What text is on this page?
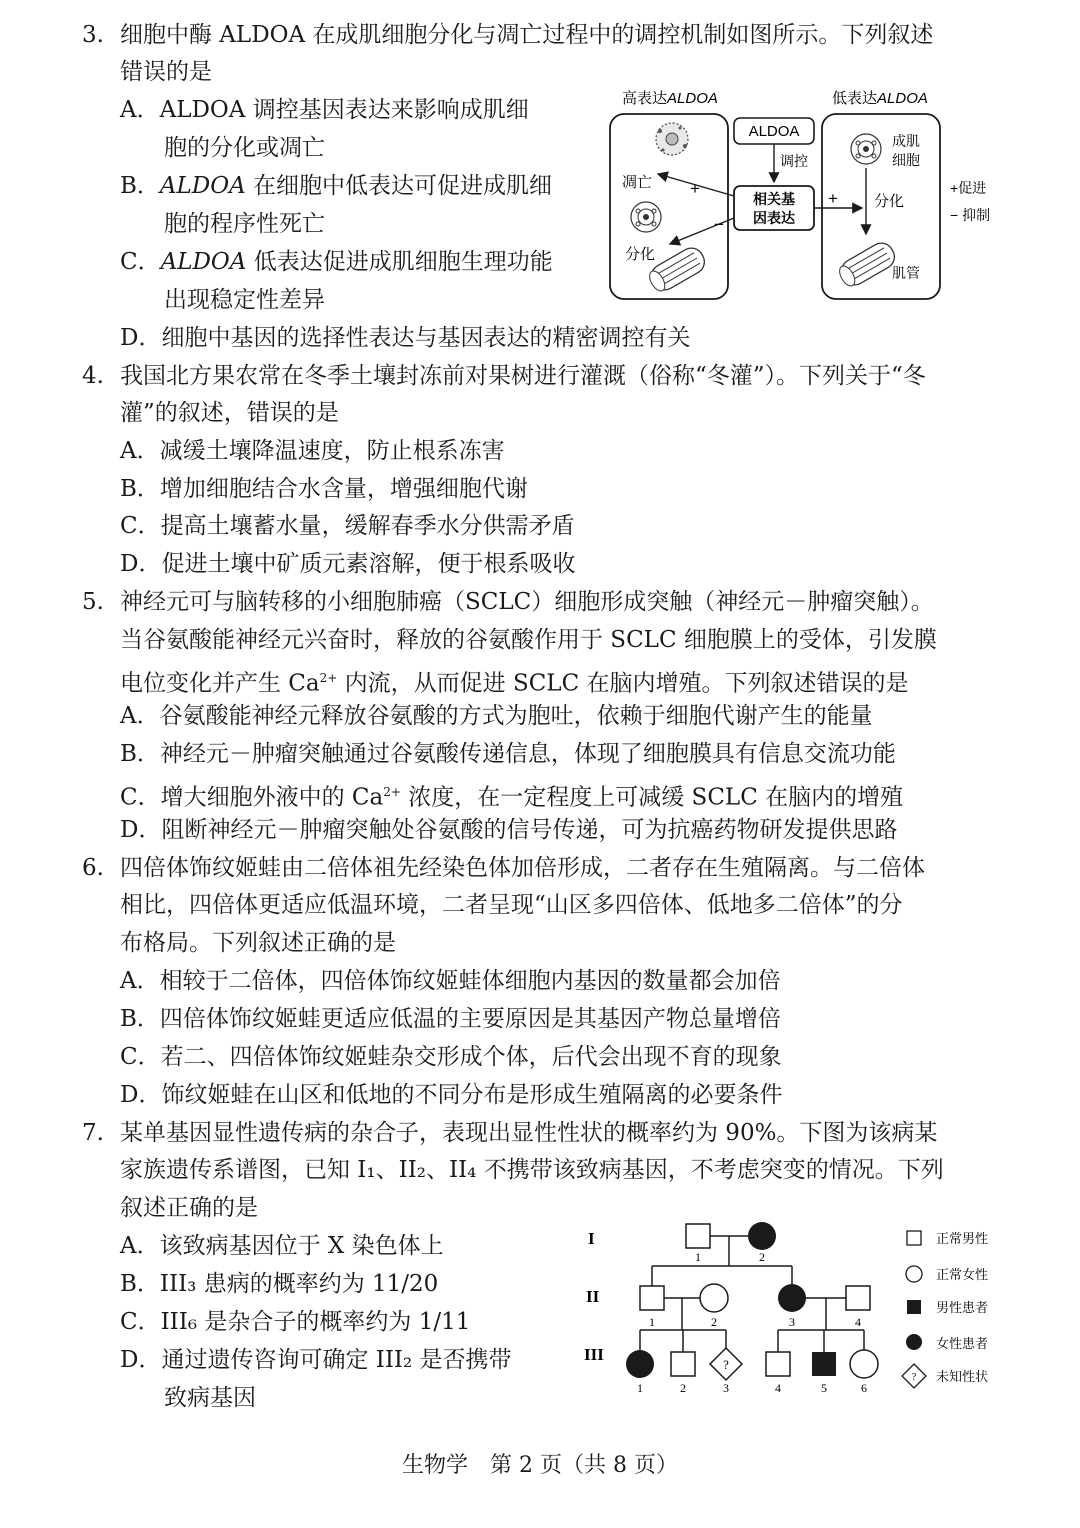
3. 细胞中酶 ALDOA 在成肌细胞分化与凋亡过程中的调控机制如图所示。下列叙述
错误的是
A．ALDOA 调控基因表达来影响成肌细
胞的分化或凋亡
B．ALDOA 在细胞中低表达可促进成肌细
胞的程序性死亡
C．ALDOA 低表达促进成肌细胞生理功能
出现稳定性差异
D．细胞中基因的选择性表达与基因表达的精密调控有关
高表达ALDOA	低表达ALDOA
凋亡
分化
ALDOA
调控
相关基
因表达
+
−
+
成肌
细胞
分化
肌管
+促进
− 抑制
4. 我国北方果农常在冬季土壤封冻前对果树进行灌溉（俗称“冬灌”）。下列关于“冬
灌”的叙述，错误的是
A．减缓土壤降温速度，防止根系冻害
B．增加细胞结合水含量，增强细胞代谢
C．提高土壤蓄水量，缓解春季水分供需矛盾
D．促进土壤中矿质元素溶解，便于根系吸收
5. 神经元可与脑转移的小细胞肺癌（SCLC）细胞形成突触（神经元－肿瘤突触）。
当谷氨酸能神经元兴奋时，释放的谷氨酸作用于 SCLC 细胞膜上的受体，引发膜
电位变化并产生 $Ca^{2+}$ 内流，从而促进 SCLC 在脑内增殖。下列叙述错误的是
A．谷氨酸能神经元释放谷氨酸的方式为胞吐，依赖于细胞代谢产生的能量
B．神经元－肿瘤突触通过谷氨酸传递信息，体现了细胞膜具有信息交流功能
C．增大细胞外液中的 $Ca^{2+}$ 浓度，在一定程度上可减缓 SCLC 在脑内的增殖
D．阻断神经元－肿瘤突触处谷氨酸的信号传递，可为抗癌药物研发提供思路
6. 四倍体饰纹姬蛙由二倍体祖先经染色体加倍形成，二者存在生殖隔离。与二倍体
相比，四倍体更适应低温环境，二者呈现“山区多四倍体、低地多二倍体”的分
布格局。下列叙述正确的是
A．相较于二倍体，四倍体饰纹姬蛙体细胞内基因的数量都会加倍
B．四倍体饰纹姬蛙更适应低温的主要原因是其基因产物总量增倍
C．若二、四倍体饰纹姬蛙杂交形成个体，后代会出现不育的现象
D．饰纹姬蛙在山区和低地的不同分布是形成生殖隔离的必要条件
7. 某单基因显性遗传病的杂合子，表现出显性性状的概率约为 90%。下图为该病某
家族遗传系谱图，已知 I₁、II₂、II₄ 不携带该致病基因，不考虑突变的情况。下列
叙述正确的是
A．该致病基因位于 X 染色体上
B．III₃ 患病的概率约为 11/20
C．III₆ 是杂合子的概率约为 1/11
D．通过遗传咨询可确定 III₂ 是否携带
致病基因
I
II
III
1	2
1	2	3	4
?
1	2	3	4	5	6
正常男性
正常女性
男性患者
女性患者
? 未知性状
生物学　第 2 页（共 8 页）
